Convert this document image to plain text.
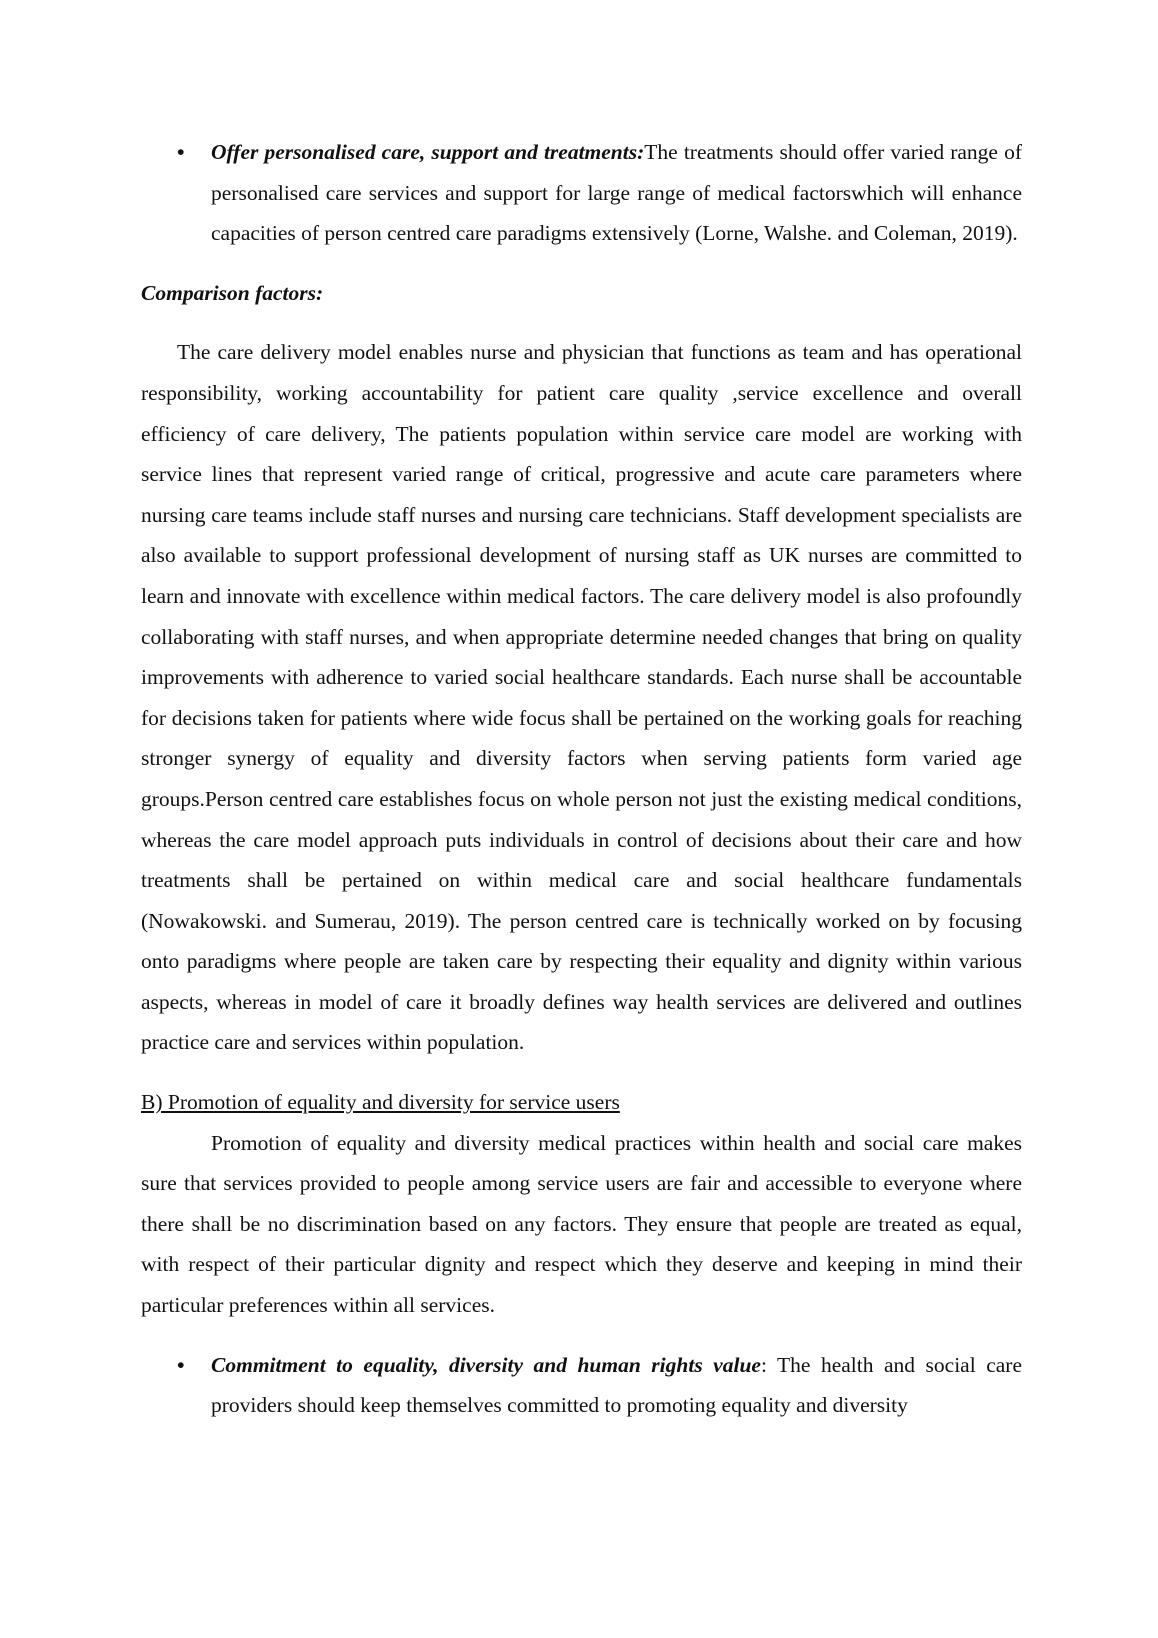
• Offer personalised care, support and treatments:The treatments should offer varied range of personalised care services and support for large range of medical factorswhich will enhance capacities of person centred care paradigms extensively (Lorne, Walshe. and Coleman, 2019).

Comparison factors:

The care delivery model enables nurse and physician that functions as team and has operational responsibility, working accountability for patient care quality ,service excellence and overall efficiency of care delivery, The patients population within service care model are working with service lines that represent varied range of critical, progressive and acute care parameters where nursing care teams include staff nurses and nursing care technicians. Staff development specialists are also available to support professional development of nursing staff as UK nurses are committed to learn and innovate with excellence within medical factors. The care delivery model is also profoundly collaborating with staff nurses, and when appropriate determine needed changes that bring on quality improvements with adherence to varied social healthcare standards. Each nurse shall be accountable for decisions taken for patients where wide focus shall be pertained on the working goals for reaching stronger synergy of equality and diversity factors when serving patients form varied age groups.Person centred care establishes focus on whole person not just the existing medical conditions, whereas the care model approach puts individuals in control of decisions about their care and how treatments shall be pertained on within medical care and social healthcare fundamentals (Nowakowski. and Sumerau, 2019). The person centred care is technically worked on by focusing onto paradigms where people are taken care by respecting their equality and dignity within various aspects, whereas in model of care it broadly defines way health services are delivered and outlines practice care and services within population.

B) Promotion of equality and diversity for service users

Promotion of equality and diversity medical practices within health and social care makes sure that services provided to people among service users are fair and accessible to everyone where there shall be no discrimination based on any factors. They ensure that people are treated as equal, with respect of their particular dignity and respect which they deserve and keeping in mind their particular preferences within all services.

• Commitment to equality, diversity and human rights value: The health and social care providers should keep themselves committed to promoting equality and diversity
